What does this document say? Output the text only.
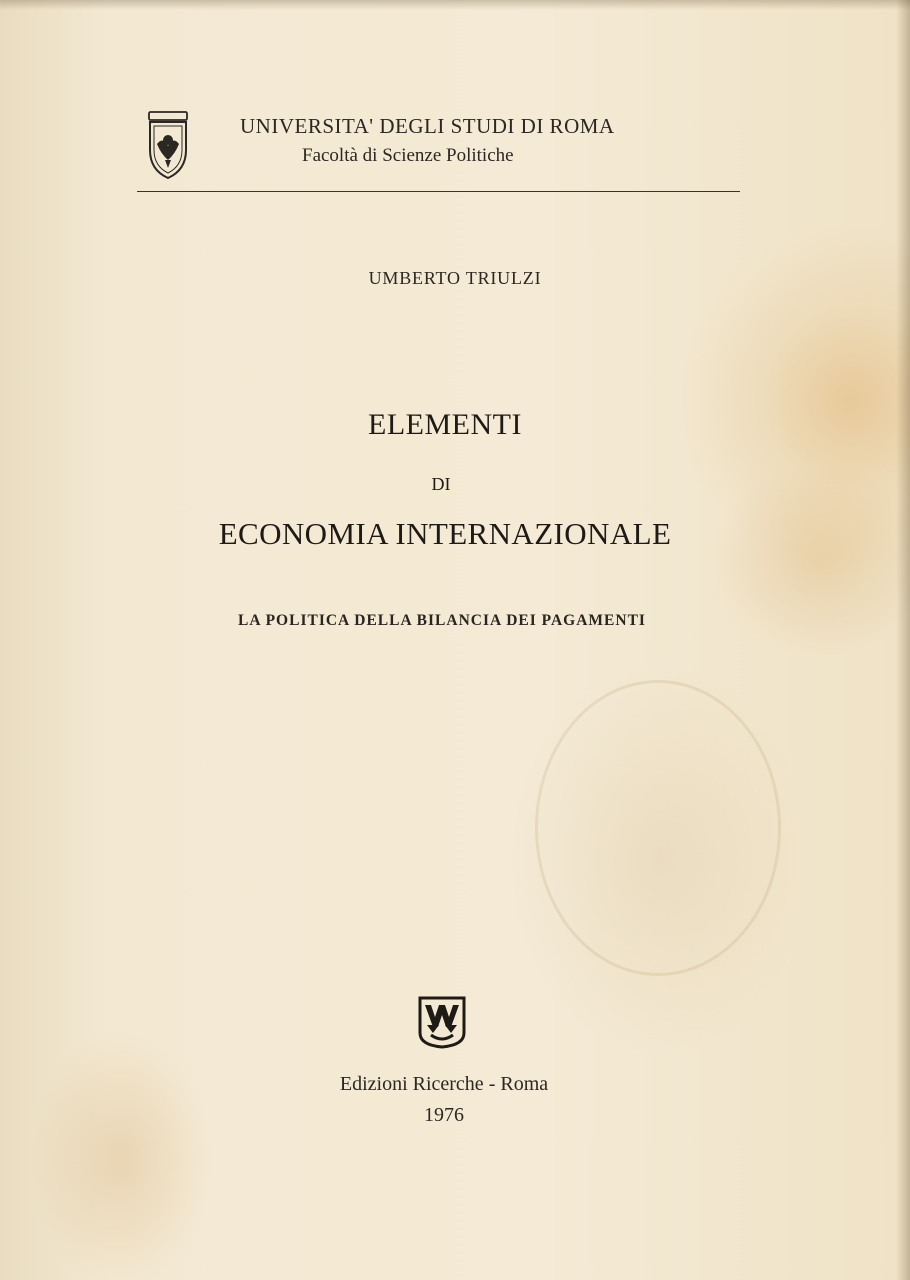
UNIVERSITA' DEGLI STUDI DI ROMA
Facoltà di Scienze Politiche
UMBERTO TRIULZI
ELEMENTI
DI
ECONOMIA INTERNAZIONALE
LA POLITICA DELLA BILANCIA DEI PAGAMENTI
Edizioni Ricerche - Roma
1976
